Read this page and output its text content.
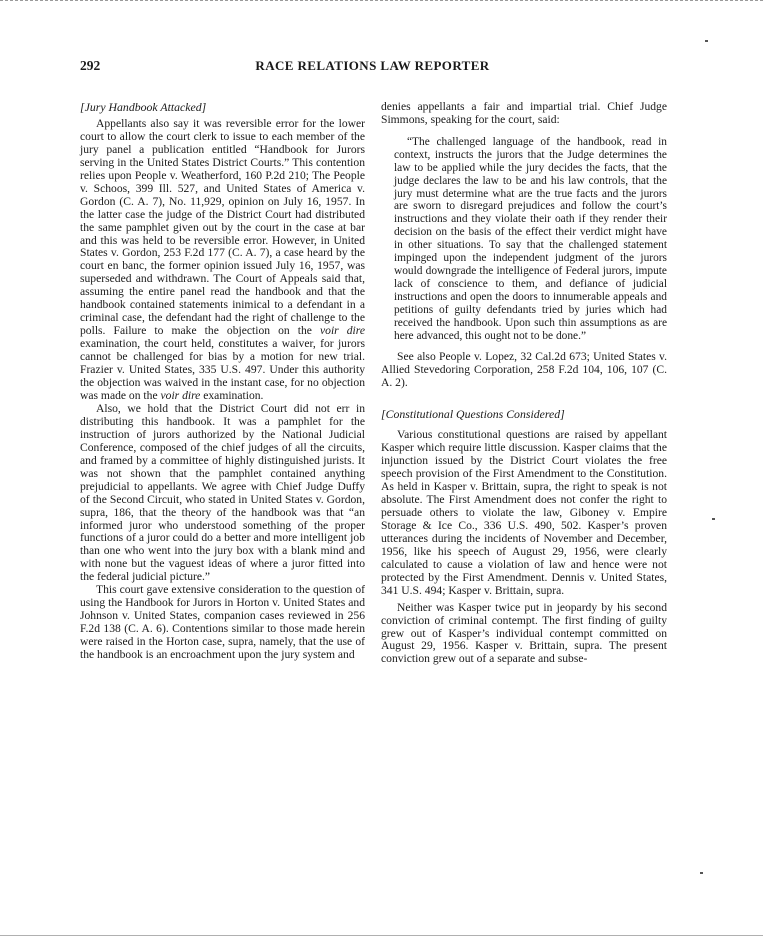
292	RACE RELATIONS LAW REPORTER
[Jury Handbook Attacked]

Appellants also say it was reversible error for the lower court to allow the court clerk to issue to each member of the jury panel a publication entitled “Handbook for Jurors serving in the United States District Courts.” This contention relies upon People v. Weatherford, 160 P.2d 210; The People v. Schoos, 399 Ill. 527, and United States of America v. Gordon (C. A. 7), No. 11,929, opinion on July 16, 1957. In the latter case the judge of the District Court had distributed the same pamphlet given out by the court in the case at bar and this was held to be reversible error. However, in United States v. Gordon, 253 F.2d 177 (C. A. 7), a case heard by the court en banc, the former opinion issued July 16, 1957, was superseded and withdrawn. The Court of Appeals said that, assuming the entire panel read the handbook and that the handbook contained statements inimical to a defendant in a criminal case, the defendant had the right of challenge to the polls. Failure to make the objection on the voir dire examination, the court held, constitutes a waiver, for jurors cannot be challenged for bias by a motion for new trial. Frazier v. United States, 335 U.S. 497. Under this authority the objection was waived in the instant case, for no objection was made on the voir dire examination.

Also, we hold that the District Court did not err in distributing this handbook. It was a pamphlet for the instruction of jurors authorized by the National Judicial Conference, composed of the chief judges of all the circuits, and framed by a committee of highly distinguished jurists. It was not shown that the pamphlet contained anything prejudicial to appellants. We agree with Chief Judge Duffy of the Second Circuit, who stated in United States v. Gordon, supra, 186, that the theory of the handbook was that “an informed juror who understood something of the proper functions of a juror could do a better and more intelligent job than one who went into the jury box with a blank mind and with none but the vaguest ideas of where a juror fitted into the federal judicial picture.”

This court gave extensive consideration to the question of using the Handbook for Jurors in Horton v. United States and Johnson v. United States, companion cases reviewed in 256 F.2d 138 (C. A. 6). Contentions similar to those made herein were raised in the Horton case, supra, namely, that the use of the handbook is an encroachment upon the jury system and

denies appellants a fair and impartial trial. Chief Judge Simmons, speaking for the court, said:

“The challenged language of the handbook, read in context, instructs the jurors that the Judge determines the law to be applied while the jury decides the facts, that the judge declares the law to be and his law controls, that the jury must determine what are the true facts and the jurors are sworn to disregard prejudices and follow the court’s instructions and they violate their oath if they render their decision on the basis of the effect their verdict might have in other situations. To say that the challenged statement impinged upon the independent judgment of the jurors would downgrade the intelligence of Federal jurors, impute lack of conscience to them, and defiance of judicial instructions and open the doors to innumerable appeals and petitions of guilty defendants tried by juries which had received the handbook. Upon such thin assumptions as are here advanced, this ought not to be done.”

See also People v. Lopez, 32 Cal.2d 673; United States v. Allied Stevedoring Corporation, 258 F.2d 104, 106, 107 (C. A. 2).

[Constitutional Questions Considered]

Various constitutional questions are raised by appellant Kasper which require little discussion. Kasper claims that the injunction issued by the District Court violates the free speech provision of the First Amendment to the Constitution. As held in Kasper v. Brittain, supra, the right to speak is not absolute. The First Amendment does not confer the right to persuade others to violate the law, Giboney v. Empire Storage & Ice Co., 336 U.S. 490, 502. Kasper’s proven utterances during the incidents of November and December, 1956, like his speech of August 29, 1956, were clearly calculated to cause a violation of law and hence were not protected by the First Amendment. Dennis v. United States, 341 U.S. 494; Kasper v. Brittain, supra.

Neither was Kasper twice put in jeopardy by his second conviction of criminal contempt. The first finding of guilty grew out of Kasper’s individual contempt committed on August 29, 1956. Kasper v. Brittain, supra. The present conviction grew out of a separate and subse-
